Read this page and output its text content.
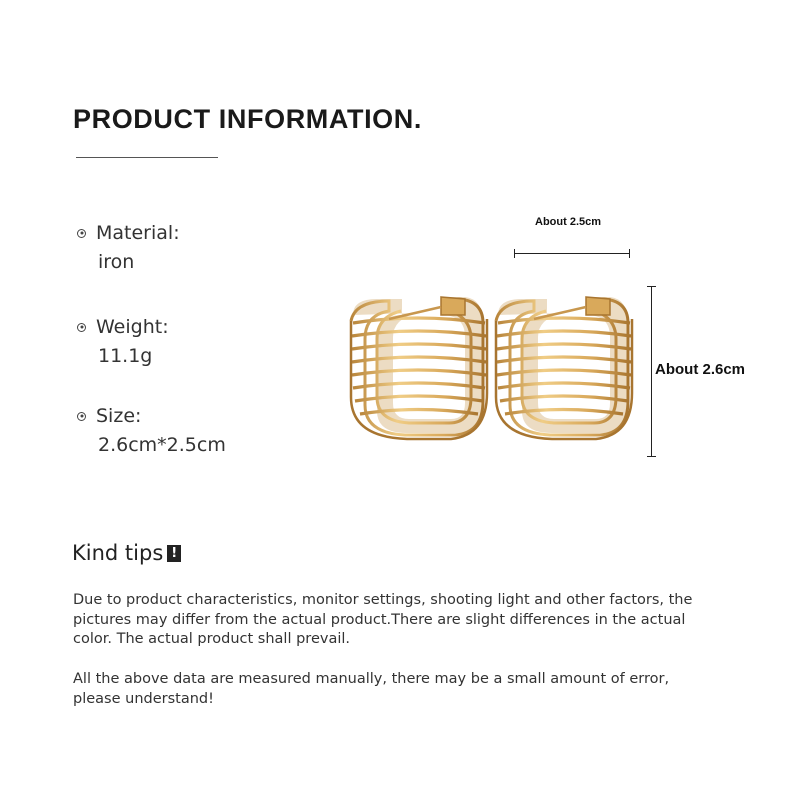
PRODUCT INFORMATION.
Material:
iron
Weight:
11.1g
Size:
2.6cm*2.5cm
About 2.5cm
About 2.6cm
Kind tips !
Due to product characteristics, monitor settings, shooting light and other factors, the pictures may differ from the actual product.There are slight differences in the actual color. The actual product shall prevail.
All the above data are measured manually, there may be a small amount of error, please understand!
